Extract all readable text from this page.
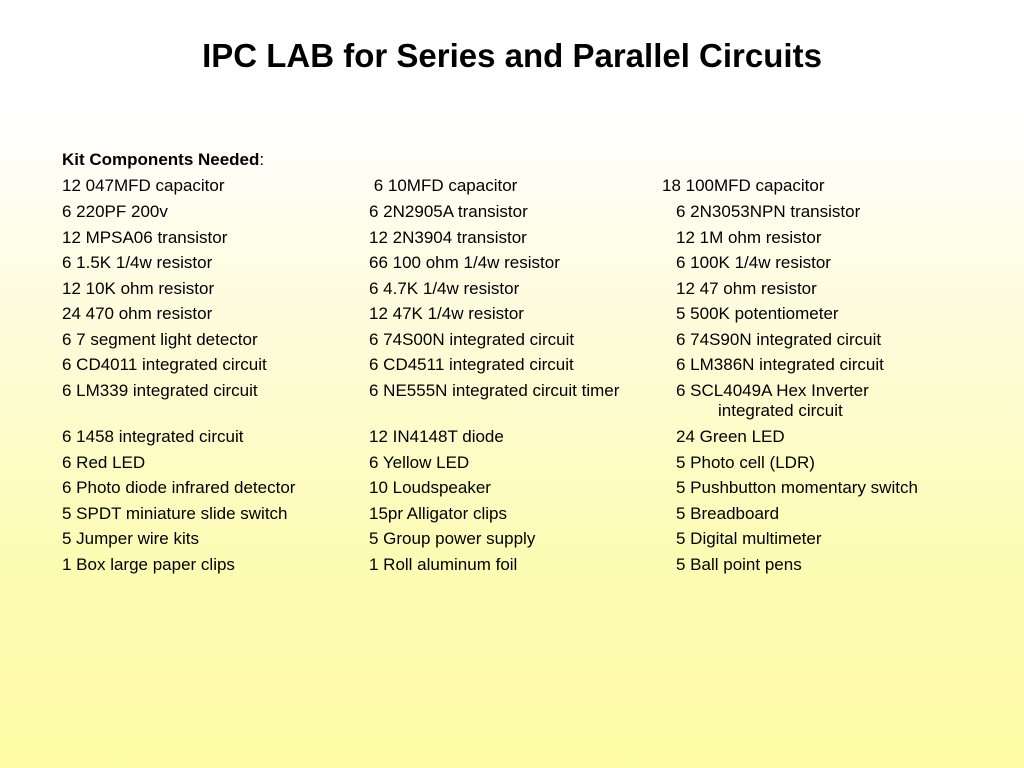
IPC LAB for Series and Parallel Circuits
Kit Components Needed:
12 047MFD capacitor	6 10MFD capacitor	18 100MFD capacitor
6 220PF 200v	6 2N2905A transistor	6 2N3053NPN transistor
12 MPSA06 transistor	12 2N3904 transistor	12 1M ohm resistor
6 1.5K 1/4w resistor	66 100 ohm 1/4w resistor	6 100K 1/4w resistor
12 10K ohm resistor	6 4.7K 1/4w resistor	12 47 ohm resistor
24 470 ohm resistor	12 47K 1/4w resistor	5 500K potentiometer
6 7 segment light detector	6 74S00N integrated circuit	6 74S90N integrated circuit
6 CD4011 integrated circuit	6 CD4511 integrated circuit	6 LM386N integrated circuit
6 LM339 integrated circuit	6 NE555N integrated circuit timer	6 SCL4049A Hex Inverter
integrated circuit
6 1458 integrated circuit	12 IN4148T diode	24 Green LED
6 Red LED	6 Yellow LED	5 Photo cell (LDR)
6 Photo diode infrared detector	10 Loudspeaker	5 Pushbutton momentary switch
5 SPDT miniature slide switch	15pr Alligator clips	5 Breadboard
5 Jumper wire kits	5 Group power supply	5 Digital multimeter
1 Box large paper clips	1 Roll aluminum foil	5 Ball point pens
